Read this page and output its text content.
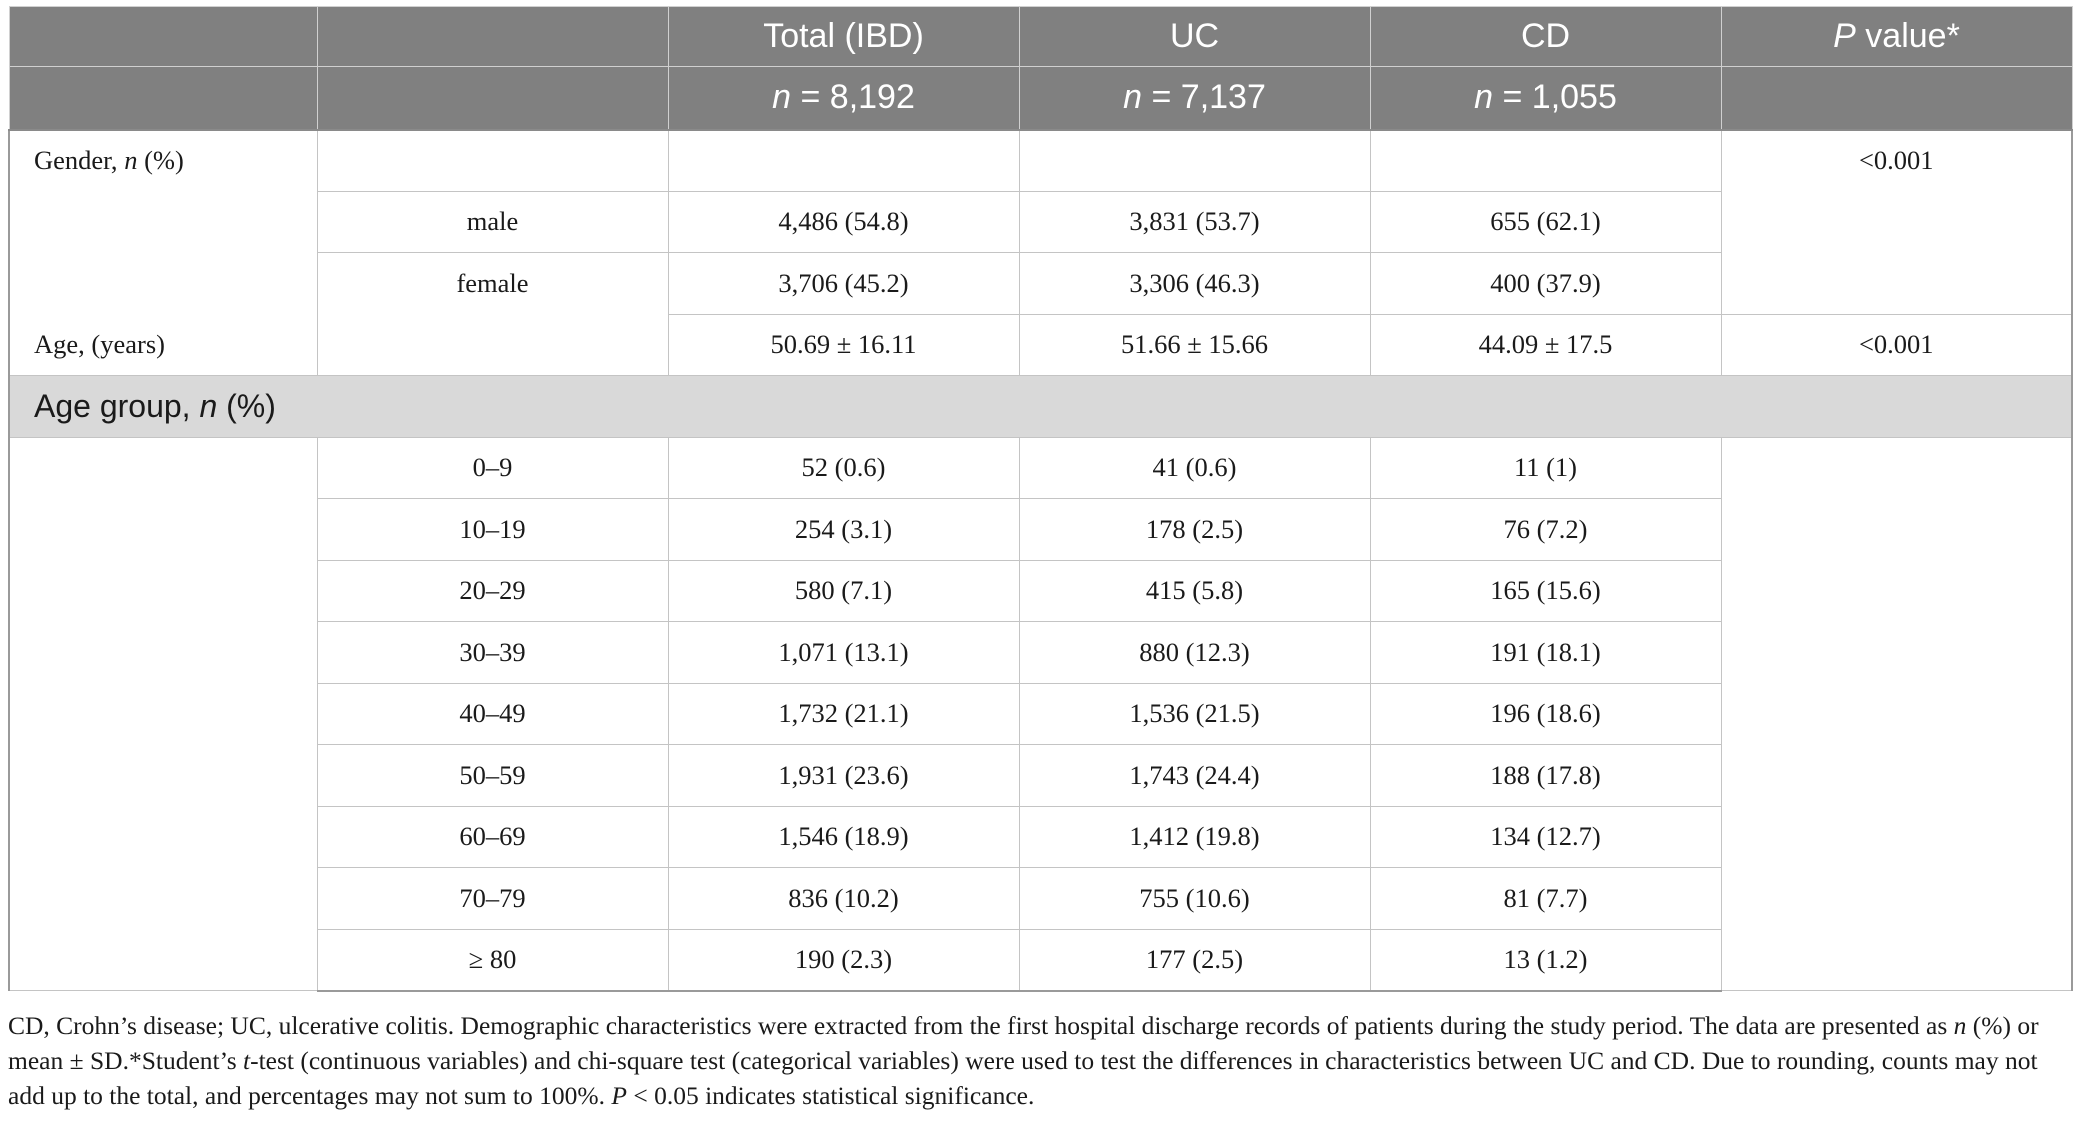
		Total (IBD)	UC	CD	P value*
		n = 8,192	n = 7,137	n = 1,055	
Gender, n (%)					<0.001
	male	4,486 (54.8)	3,831 (53.7)	655 (62.1)	
	female	3,706 (45.2)	3,306 (46.3)	400 (37.9)	
Age, (years)		50.69 ± 16.11	51.66 ± 15.66	44.09 ± 17.5	<0.001
Age group, n (%)					
	0–9	52 (0.6)	41 (0.6)	11 (1)	
	10–19	254 (3.1)	178 (2.5)	76 (7.2)	
	20–29	580 (7.1)	415 (5.8)	165 (15.6)	
	30–39	1,071 (13.1)	880 (12.3)	191 (18.1)	
	40–49	1,732 (21.1)	1,536 (21.5)	196 (18.6)	
	50–59	1,931 (23.6)	1,743 (24.4)	188 (17.8)	
	60–69	1,546 (18.9)	1,412 (19.8)	134 (12.7)	
	70–79	836 (10.2)	755 (10.6)	81 (7.7)	
	≥ 80	190 (2.3)	177 (2.5)	13 (1.2)	

CD, Crohn’s disease; UC, ulcerative colitis. Demographic characteristics were extracted from the first hospital discharge records of patients during the study period. The data are presented as n (%) or mean ± SD.*Student’s t-test (continuous variables) and chi-square test (categorical variables) were used to test the differences in characteristics between UC and CD. Due to rounding, counts may not add up to the total, and percentages may not sum to 100%. P < 0.05 indicates statistical significance.
